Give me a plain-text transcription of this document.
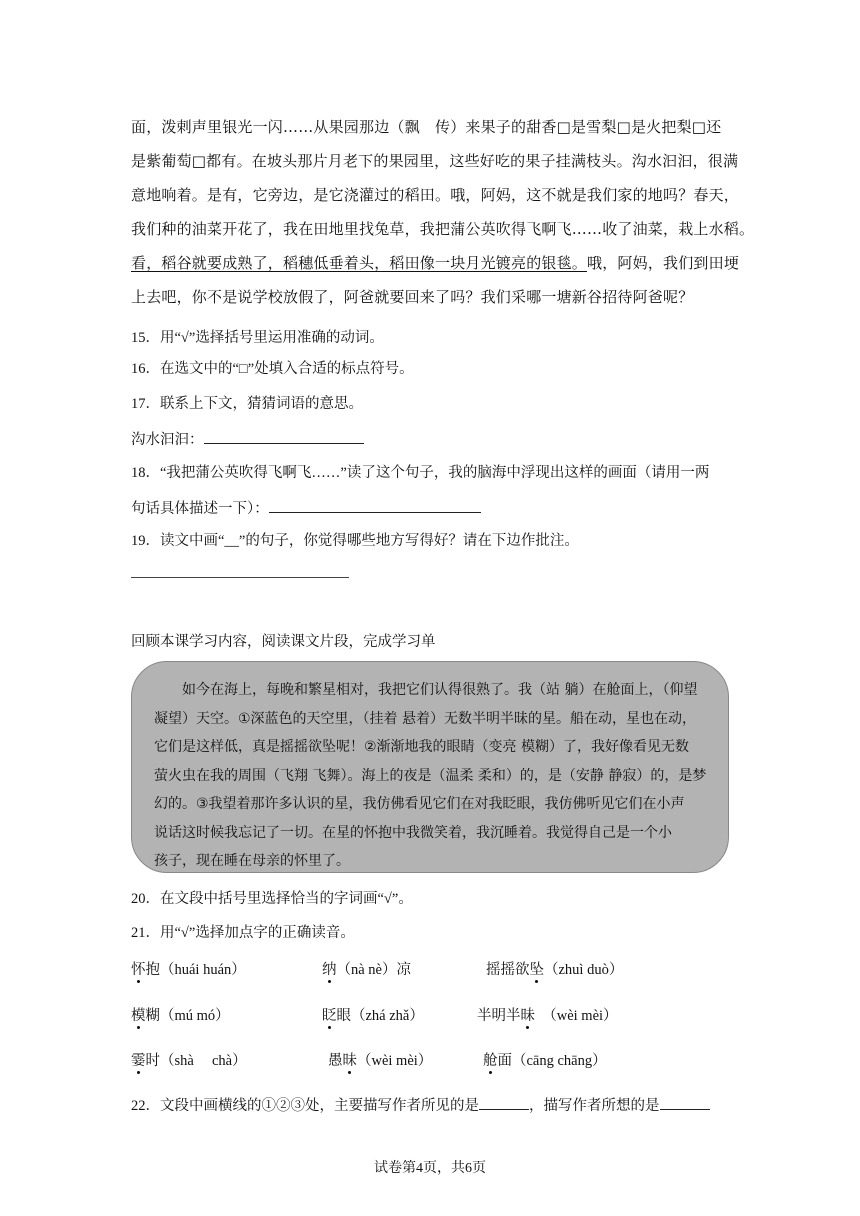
面，泼剌声里银光一闪……从果园那边（飘　传）来果子的甜香□是雪梨□是火把梨□还
是紫葡萄□都有。在坡头那片月老下的果园里，这些好吃的果子挂满枝头。沟水汩汩，很满
意地响着。是有，它旁边，是它浇灌过的稻田。哦，阿妈，这不就是我们家的地吗？春天，
我们种的油菜开花了，我在田地里找兔草，我把蒲公英吹得飞啊飞……收了油菜，栽上水稻。
看，稻谷就要成熟了，稻穗低垂着头，稻田像一块月光镀亮的银毯。哦，阿妈，我们到田埂
上去吧，你不是说学校放假了，阿爸就要回来了吗？我们采哪一塘新谷招待阿爸呢？
15．用“√”选择括号里运用准确的动词。
16．在选文中的“□”处填入合适的标点符号。
17．联系上下文，猜猜词语的意思。
沟水汩汩：
18．“我把蒲公英吹得飞啊飞……”读了这个句子，我的脑海中浮现出这样的画面（请用一两
句话具体描述一下）：
19．读文中画“__”的句子，你觉得哪些地方写得好？请在下边作批注。
回顾本课学习内容，阅读课文片段，完成学习单
　　如今在海上，每晚和繁星相对，我把它们认得很熟了。我（站 躺）在舱面上，（仰望
凝望）天空。①深蓝色的天空里，（挂着 悬着）无数半明半昧的星。船在动，星也在动，
它们是这样低，真是摇摇欲坠呢！②渐渐地我的眼睛（变亮 模糊）了，我好像看见无数
萤火虫在我的周围（飞翔 飞舞）。海上的夜是（温柔 柔和）的，是（安静 静寂）的，是梦
幻的。③我望着那许多认识的星，我仿佛看见它们在对我眨眼，我仿佛听见它们在小声
说话这时候我忘记了一切。在星的怀抱中我微笑着，我沉睡着。我觉得自己是一个小
孩子，现在睡在母亲的怀里了。
20．在文段中括号里选择恰当的字词画“√”。
21．用“√”选择加点字的正确读音。
怀抱（huái huán）	纳（nà nè）凉	摇摇欲坠（zhuì duò）
模糊（mú mó）	眨眼（zhá zhǎ）	半明半昧　（wèi mèi）
霎时（shà　 chà）	愚昧（wèi mèi）	舱面（cāng chāng）
22．文段中画横线的①②③处，主要描写作者所见的是	，描写作者所想的是
试卷第4页，共6页
